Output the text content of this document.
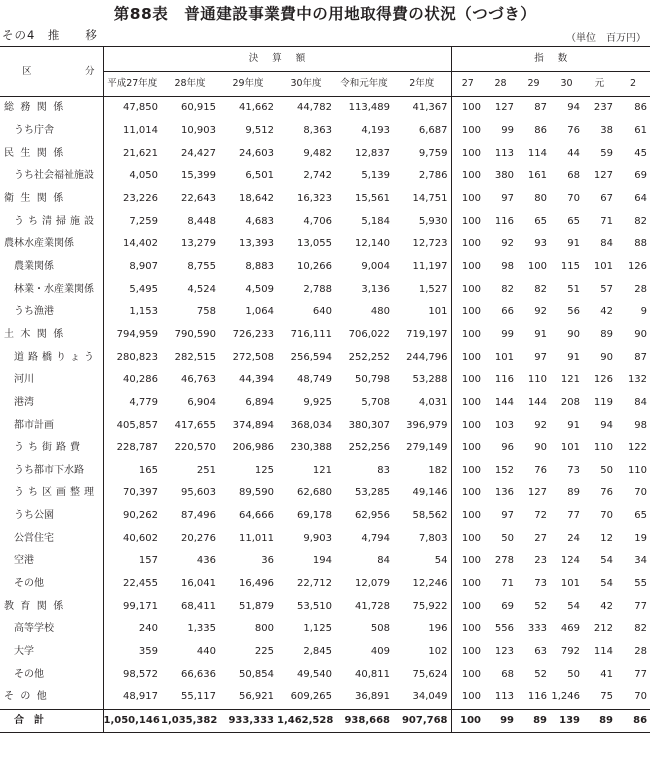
第88表　普通建設事業費中の用地取得費の状況（つづき）
その4　推　　移	（単位　百万円）
区　分	決算額						指数					
	平成27年度	28年度	29年度	30年度	令和元年度	2年度	27	28	29	30	元	2
総務関係	47,850	60,915	41,662	44,782	113,489	41,367	100	127	87	94	237	86
うち庁舎	11,014	10,903	9,512	8,363	4,193	6,687	100	99	86	76	38	61
民生関係	21,621	24,427	24,603	9,482	12,837	9,759	100	113	114	44	59	45
うち社会福祉施設	4,050	15,399	6,501	2,742	5,139	2,786	100	380	161	68	127	69
衛生関係	23,226	22,643	18,642	16,323	15,561	14,751	100	97	80	70	67	64
うち清掃施設	7,259	8,448	4,683	4,706	5,184	5,930	100	116	65	65	71	82
農林水産業関係	14,402	13,279	13,393	13,055	12,140	12,723	100	92	93	91	84	88
農業関係	8,907	8,755	8,883	10,266	9,004	11,197	100	98	100	115	101	126
林業・水産業関係	5,495	4,524	4,509	2,788	3,136	1,527	100	82	82	51	57	28
うち漁港	1,153	758	1,064	640	480	101	100	66	92	56	42	9
土木関係	794,959	790,590	726,233	716,111	706,022	719,197	100	99	91	90	89	90
道路橋りょう	280,823	282,515	272,508	256,594	252,252	244,796	100	101	97	91	90	87
河川	40,286	46,763	44,394	48,749	50,798	53,288	100	116	110	121	126	132
港湾	4,779	6,904	6,894	9,925	5,708	4,031	100	144	144	208	119	84
都市計画	405,857	417,655	374,894	368,034	380,307	396,979	100	103	92	91	94	98
うち街路費	228,787	220,570	206,986	230,388	252,256	279,149	100	96	90	101	110	122
うち都市下水路	165	251	125	121	83	182	100	152	76	73	50	110
うち区画整理	70,397	95,603	89,590	62,680	53,285	49,146	100	136	127	89	76	70
うち公園	90,262	87,496	64,666	69,178	62,956	58,562	100	97	72	77	70	65
公営住宅	40,602	20,276	11,011	9,903	4,794	7,803	100	50	27	24	12	19
空港	157	436	36	194	84	54	100	278	23	124	54	34
その他	22,455	16,041	16,496	22,712	12,079	12,246	100	71	73	101	54	55
教育関係	99,171	68,411	51,879	53,510	41,728	75,922	100	69	52	54	42	77
高等学校	240	1,335	800	1,125	508	196	100	556	333	469	212	82
大学	359	440	225	2,845	409	102	100	123	63	792	114	28
その他	98,572	66,636	50,854	49,540	40,811	75,624	100	68	52	50	41	77
その他	48,917	55,117	56,921	609,265	36,891	34,049	100	113	116	1,246	75	70
合計	1,050,146	1,035,382	933,333	1,462,528	938,668	907,768	100	99	89	139	89	86
